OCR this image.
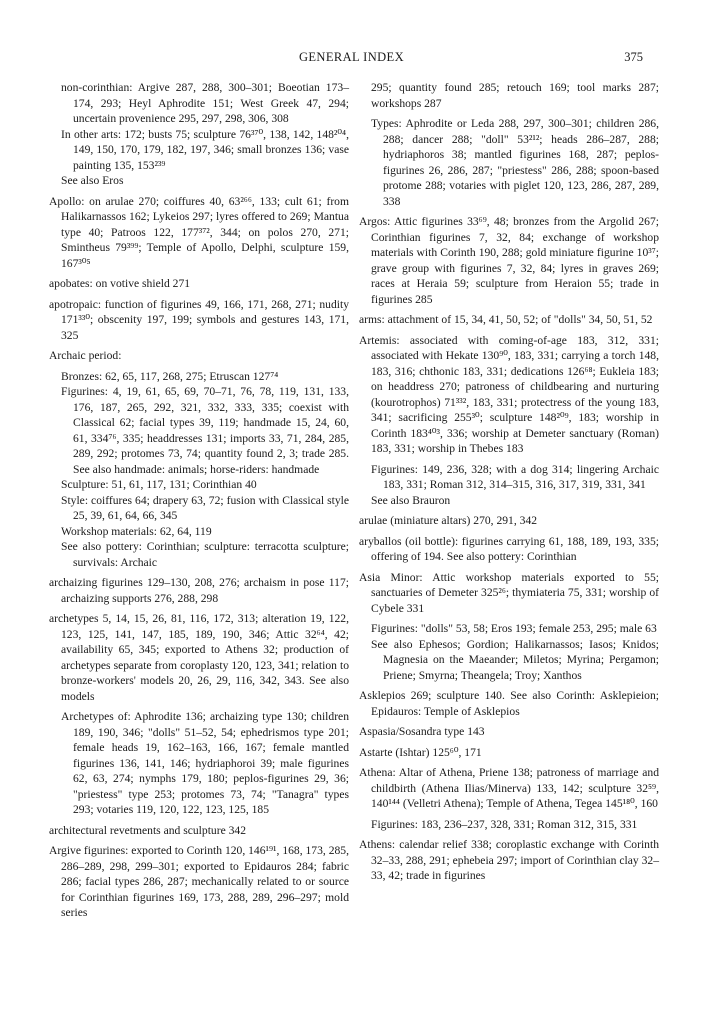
GENERAL INDEX	375

non-corinthian: Argive 287, 288, 300–301; Boeotian 173–174, 293; Heyl Aphrodite 151; West Greek 47, 294; uncertain provenience 295, 297, 298, 306, 308

In other arts: 172; busts 75; sculpture 76³⁷⁰, 138, 142, 148²⁰⁴, 149, 150, 170, 179, 182, 197, 346; small bronzes 136; vase painting 135, 153²³⁹

See also Eros

Apollo: on arulae 270; coiffures 40, 63²⁶⁶, 133; cult 61; from Halikarnassos 162; Lykeios 297; lyres offered to 269; Mantua type 40; Patroos 122, 177³⁷², 344; on polos 270, 271; Smintheus 79³⁹⁹; Temple of Apollo, Delphi, sculpture 159, 167³⁰⁵

apobates: on votive shield 271

apotropaic: function of figurines 49, 166, 171, 268, 271; nudity 171³³⁰; obscenity 197, 199; symbols and gestures 143, 171, 325

Archaic period:

Bronzes: 62, 65, 117, 268, 275; Etruscan 127⁷⁴

Figurines: 4, 19, 61, 65, 69, 70–71, 76, 78, 119, 131, 133, 176, 187, 265, 292, 321, 332, 333, 335; coexist with Classical 62; facial types 39, 119; handmade 15, 24, 60, 61, 334⁷⁶, 335; headdresses 131; imports 33, 71, 284, 285, 289, 292; protomes 73, 74; quantity found 2, 3; trade 285. See also handmade: animals; horse-riders: handmade

Sculpture: 51, 61, 117, 131; Corinthian 40

Style: coiffures 64; drapery 63, 72; fusion with Classical style 25, 39, 61, 64, 66, 345

Workshop materials: 62, 64, 119

See also pottery: Corinthian; sculpture: terracotta sculpture; survivals: Archaic

archaizing figurines 129–130, 208, 276; archaism in pose 117; archaizing supports 276, 288, 298

archetypes 5, 14, 15, 26, 81, 116, 172, 313; alteration 19, 122, 123, 125, 141, 147, 185, 189, 190, 346; Attic 32⁶⁴, 42; availability 65, 345; exported to Athens 32; production of archetypes separate from coroplasty 120, 123, 341; relation to bronze-workers' models 20, 26, 29, 116, 342, 343. See also models

Archetypes of: Aphrodite 136; archaizing type 130; children 189, 190, 346; "dolls" 51–52, 54; ephedrismos type 201; female heads 19, 162–163, 166, 167; female mantled figurines 136, 141, 146; hydriaphoroi 39; male figurines 62, 63, 274; nymphs 179, 180; peplos-figurines 29, 36; "priestess" type 253; protomes 73, 74; "Tanagra" types 293; votaries 119, 120, 122, 123, 125, 185

architectural revetments and sculpture 342

Argive figurines: exported to Corinth 120, 146¹⁹¹, 168, 173, 285, 286–289, 298, 299–301; exported to Epidauros 284; fabric 286; facial types 286, 287; mechanically related to or source for Corinthian figurines 169, 173, 288, 289, 296–297; mold series

295; quantity found 285; retouch 169; tool marks 287; workshops 287

Types: Aphrodite or Leda 288, 297, 300–301; children 286, 288; dancer 288; "doll" 53²¹²; heads 286–287, 288; hydriaphoros 38; mantled figurines 168, 287; peplos-figurines 26, 286, 287; "priestess" 286, 288; spoon-based protome 288; votaries with piglet 120, 123, 286, 287, 289, 338

Argos: Attic figurines 33⁶⁹, 48; bronzes from the Argolid 267; Corinthian figurines 7, 32, 84; exchange of workshop materials with Corinth 190, 288; gold miniature figurine 10³⁷; grave group with figurines 7, 32, 84; lyres in graves 269; races at Heraia 59; sculpture from Heraion 55; trade in figurines 285

arms: attachment of 15, 34, 41, 50, 52; of "dolls" 34, 50, 51, 52

Artemis: associated with coming-of-age 183, 312, 331; associated with Hekate 130⁹⁰, 183, 331; carrying a torch 148, 183, 316; chthonic 183, 331; dedications 126⁶⁸; Eukleia 183; on headdress 270; patroness of childbearing and nurturing (kourotrophos) 71³³², 183, 331; protectress of the young 183, 341; sacrificing 255³⁰; sculpture 148²⁰⁹, 183; worship in Corinth 183⁴⁰³, 336; worship at Demeter sanctuary (Roman) 183, 331; worship in Thebes 183

Figurines: 149, 236, 328; with a dog 314; lingering Archaic 183, 331; Roman 312, 314–315, 316, 317, 319, 331, 341

See also Brauron

arulae (miniature altars) 270, 291, 342

aryballos (oil bottle): figurines carrying 61, 188, 189, 193, 335; offering of 194. See also pottery: Corinthian

Asia Minor: Attic workshop materials exported to 55; sanctuaries of Demeter 325²⁶; thymiateria 75, 331; worship of Cybele 331

Figurines: "dolls" 53, 58; Eros 193; female 253, 295; male 63

See also Ephesos; Gordion; Halikarnassos; Iasos; Knidos; Magnesia on the Maeander; Miletos; Myrina; Pergamon; Priene; Smyrna; Theangela; Troy; Xanthos

Asklepios 269; sculpture 140. See also Corinth: Asklepieion; Epidauros: Temple of Asklepios

Aspasia/Sosandra type 143

Astarte (Ishtar) 125⁶⁰, 171

Athena: Altar of Athena, Priene 138; patroness of marriage and childbirth (Athena Ilias/Minerva) 133, 142; sculpture 32⁵⁹, 140¹⁴⁴ (Velletri Athena); Temple of Athena, Tegea 145¹⁸⁰, 160

Figurines: 183, 236–237, 328, 331; Roman 312, 315, 331

Athens: calendar relief 338; coroplastic exchange with Corinth 32–33, 288, 291; ephebeia 297; import of Corinthian clay 32–33, 42; trade in figurines
